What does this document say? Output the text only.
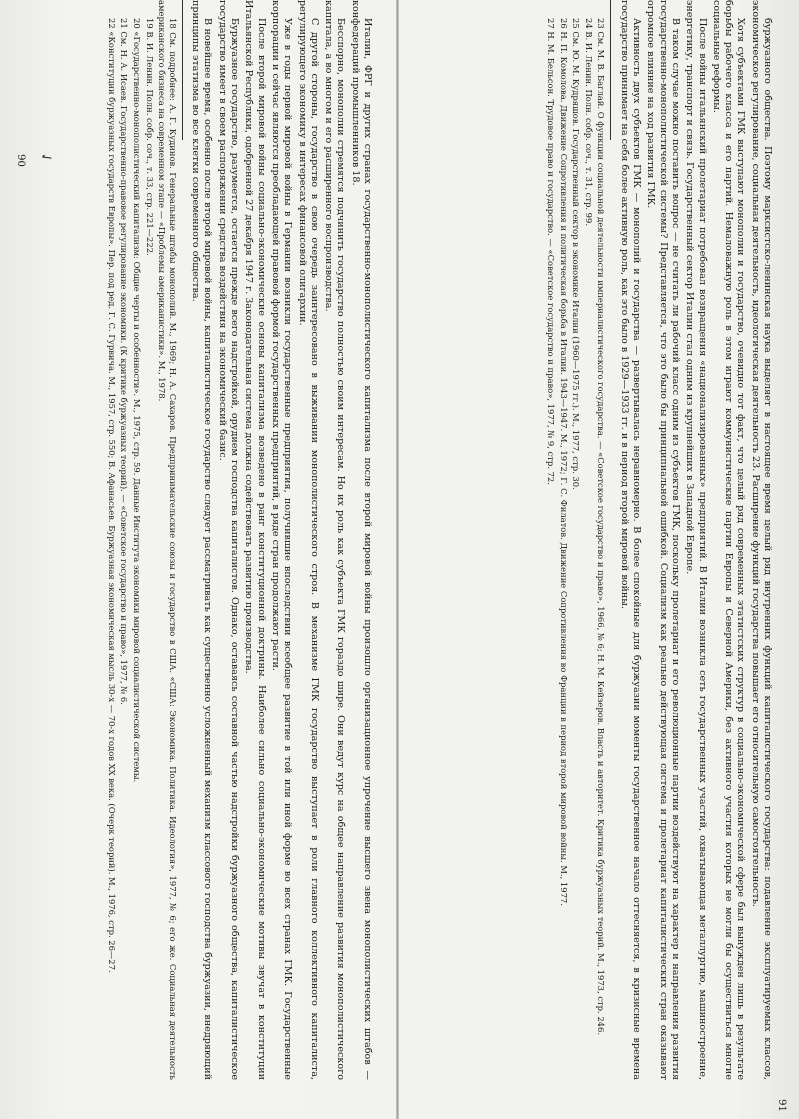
90
91
✓	Италии, ФРГ и других странах государственно-монополистического капитализма после второй мировой войны произошло организационное упрочение высшего звена монополистических штабов — конфедераций промышленников 18.

Бесспорно, монополии стремятся подчинить государство полностью своим интересам. Но их роль как субъекта ГМК гораздо шире. Они ведут курс на общее направление развития монополистического капитала, а во многом и его расширенного воспроизводства.

С другой стороны, государство в свою очередь заинтересовано в выживании монополистического строя. В механизме ГМК государство выступает в роли главного коллективного капиталиста, регулирующего экономику в интересах финансовой олигархии.

Уже в годы первой мировой войны в Германии возникли государственные предприятия, получившие впоследствии всеобщее развитие в той или иной форме во всех странах ГМК. Государственные корпорации и сейчас являются преобладающей правовой формой государственных предприятий, в ряде стран продолжают расти.

После второй мировой войны социально-экономические основы капитализма возведено в ранг конституционной доктрины. Наиболее сильно социально-экономические мотивы звучат в конституции Итальянской Республики, одобренной 27 декабря 1947 г. Законодательная система должна содействовать развитию производства.

Буржуазное государство, разумеется, остается прежде всего надстройкой, орудием господства капиталистов. Однако, оставаясь составной частью надстройки буржуазного общества, капиталистическое государство имеет в своем распоряжении средства воздействия на экономический базис.

В новейшее время, особенно после второй мировой войны, капиталистическое государство следует рассматривать как существенно усложненный механизм классового господства буржуазии, внедряющий принципы этатизма во все клетки современного общества.

18 См. подробнее: А. Г. Кудинов. Генеральные штабы монополий. М., 1969; Н. А. Сахаров. Предпринимательские союзы и государство в США. «США: Экономика. Политика. Идеология», 1977, № 6; его же. Социальная деятельность американского бизнеса на современном этапе — «Проблемы американистики». М., 1978.

19 В. И. Ленин. Полн. собр. соч., т. 33, стр. 221—222.

20 «Государственно-монополистический капитализм: Общие черты и особенности». М., 1975, стр. 59. Данные Института экономики мировой социалистической системы.

21 См. Н. А. Исаев. Государственно-правовое регулирование экономики. (К критике буржуазных теорий). — «Советское государство и право», 1977, № 6.

22 «Конституции буржуазных государств Европы». Пер. под ред. Г. С. Гурвича. М., 1957, стр. 550; В. Афанасьев. Буржуазная экономическая мысль 30-х — 70-х годов XX века. (Очерк теорий). М., 1976, стр. 26—27.	буржуазного общества. Поэтому марксистско-ленинская наука выделяет в настоящее время целый ряд внутренних функций капиталистического государства: подавление эксплуатируемых классов, экономическое регулирование, социальная деятельность, идеологическая деятельность 23. Расширение функций государства повышает его относительную самостоятельность.

Хотя субъектами ГМК выступают монополии и государство, очевидно тот факт, что целый ряд современных этатистских структур в социально-экономической сфере был вынужден лишь в результате борьбы рабочего класса и его партий. Немаловажную роль в этом играют коммунистические партии Европы и Северной Америки, без активного участия которых не могли бы осуществиться многие социальные реформы.

После войны итальянский пролетариат потребовал возвращения «национализированных» предприятий. В Италии возникла сеть государственных участий, охватывающая металлургию, машиностроение, энергетику, транспорт и связь. Государственный сектор Италии стал одним из крупнейших в Западной Европе.

В таком случае можно поставить вопрос — не считать ли рабочий класс одним из субъектов ГМК, поскольку пролетариат и его революционные партии воздействуют на характер и направления развития государственно-монополистической системы? Представляется, что это было бы принципиальной ошибкой. Социализм как реально действующая система и пролетариат капиталистических стран оказывают огромное влияние на ход развития ГМК.

Активность двух субъектов ГМК — монополий и государства — развертывалась неравномерно. В более спокойные для буржуазии моменты государственное начало оттесняется, в кризисные времена государство принимает на себя более активную роль, как это было в 1929—1933 гг. и в период второй мировой войны.

23 См. М. В. Баглай. О функции социальной деятельности империалистического государства. — «Советское государство и право», 1966, № 6; Н. М. Кейзеров. Власть и авторитет. Критика буржуазных теорий. М., 1973, стр. 246.

24 В. И. Ленин. Полн. собр. соч., т. 31, стр. 99.

25 См. Ю. М. Кудряшов. Государственный сектор в экономике Италии (1960—1975 гг.). М., 1977, стр. 30.

26 Н. П. Комолова. Движение Сопротивления и политическая борьба в Италии. 1943—1947. М., 1972; Г. С. Филатов. Движение Сопротивления во Франции в период второй мировой войны. М., 1977.

27 Н. М. Бельсон. Трудовое право и государство. — «Советское государство и право», 1977, № 9, стр. 72.
